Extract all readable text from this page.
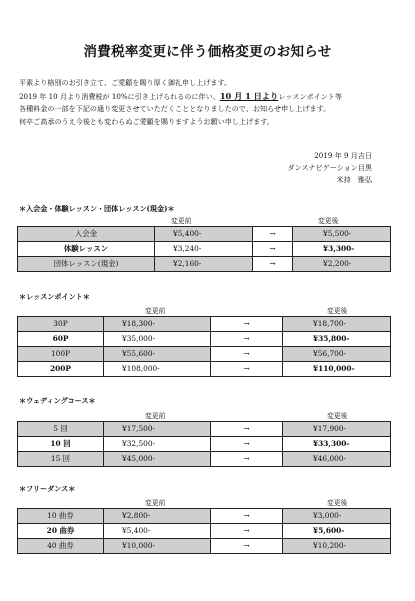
消費税率変更に伴う価格変更のお知らせ
平素より格別のお引き立て、ご愛顧を賜り厚く御礼申し上げます。
2019 年 10 月より消費税が 10%に引き上げられるのに伴い、10 月 1 日よりレッスンポイント等
各種料金の一部を下記の通り変更させていただくこととなりましたので、お知らせ申し上げます。
何卒ご高承のうえ今後とも変わらぬご愛顧を賜りますようお願い申し上げます。
2019 年 9 月吉日
ダンスナビゲーション目黒
米持　雅弘
＊入会金・体験レッスン・団体レッスン(現金)＊
変更前	変更後
入会金	¥5,400-	→	¥5,500-
体験レッスン	¥3,240-	→	¥3,300-
団体レッスン(現金)	¥2,160-	→	¥2,200-
＊レッスンポイント＊
変更前	変更後
30P	¥18,300-	→	¥18,700-
60P	¥35,000-	→	¥35,800-
100P	¥55,600-	→	¥56,700-
200P	¥108,000-	→	¥110,000-
＊ウェディングコース＊
変更前	変更後
5 回	¥17,500-	→	¥17,900-
10 回	¥32,500-	→	¥33,300-
15 回	¥45,000-	→	¥46,000-
＊フリーダンス＊
変更前	変更後
10 曲券	¥2,800-	→	¥3,000-
20 曲券	¥5,400-	→	¥5,600-
40 曲券	¥10,000-	→	¥10,200-
